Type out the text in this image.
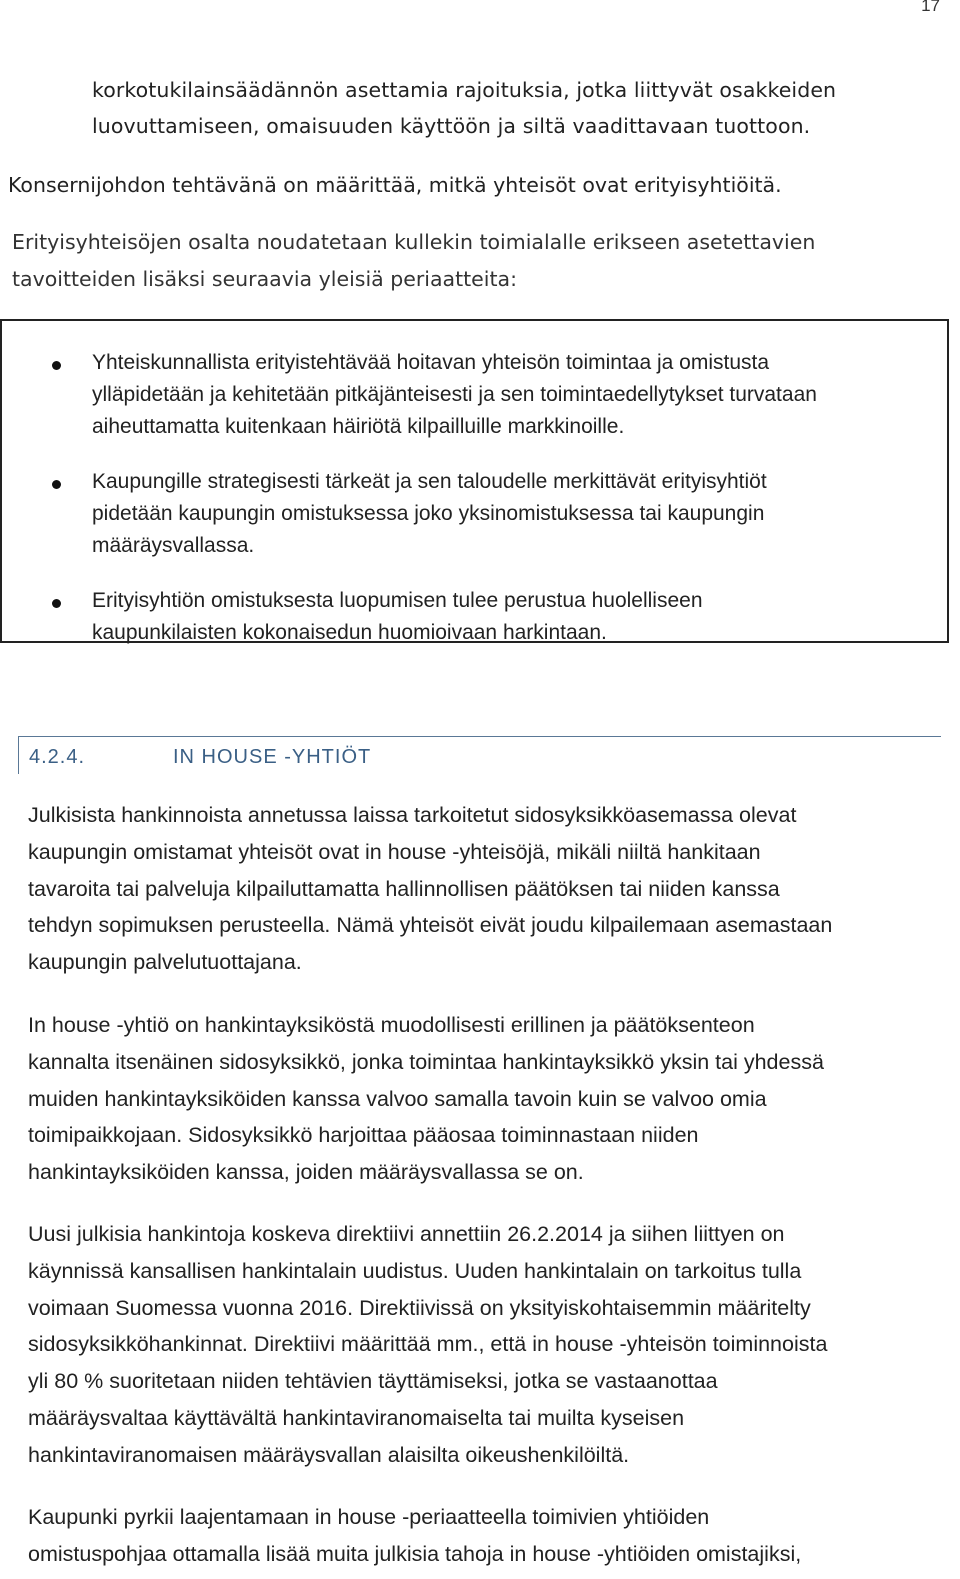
17

korkotukilainsäädännön asettamia rajoituksia, jotka liittyvät osakkeiden

luovuttamiseen, omaisuuden käyttöön ja siltä vaadittavaan tuottoon.

Konsernijohdon tehtävänä on määrittää, mitkä yhteisöt ovat erityisyhtiöitä.

Erityisyhteisöjen osalta noudatetaan kullekin toimialalle erikseen asetettavien
tavoitteiden lisäksi seuraavia yleisiä periaatteita:
Yhteiskunnallista erityistehtävää hoitavan yhteisön toimintaa ja omistusta
ylläpidetään ja kehitetään pitkäjänteisesti ja sen toimintaedellytykset turvataan
aiheuttamatta kuitenkaan häiriötä kilpailluille markkinoille.
Kaupungille strategisesti tärkeät ja sen taloudelle merkittävät erityisyhtiöt
pidetään kaupungin omistuksessa joko yksinomistuksessa tai kaupungin
määräysvallassa.
Erityisyhtiön omistuksesta luopumisen tulee perustua huolelliseen
kaupunkilaisten kokonaisedun huomioivaan harkintaan.
4.2.4.	IN HOUSE -YHTIÖT
Julkisista hankinnoista annetussa laissa tarkoitetut sidosyksikköasemassa olevat
kaupungin omistamat yhteisöt ovat in house -yhteisöjä, mikäli niiltä hankitaan
tavaroita tai palveluja kilpailuttamatta hallinnollisen päätöksen tai niiden kanssa
tehdyn sopimuksen perusteella. Nämä yhteisöt eivät joudu kilpailemaan asemastaan
kaupungin palvelutuottajana.
In house -yhtiö on hankintayksiköstä muodollisesti erillinen ja päätöksenteon
kannalta itsenäinen sidosyksikkö, jonka toimintaa hankintayksikkö yksin tai yhdessä
muiden hankintayksiköiden kanssa valvoo samalla tavoin kuin se valvoo omia
toimipaikkojaan. Sidosyksikkö harjoittaa pääosaa toiminnastaan niiden
hankintayksiköiden kanssa, joiden määräysvallassa se on.
Uusi julkisia hankintoja koskeva direktiivi annettiin 26.2.2014 ja siihen liittyen on
käynnissä kansallisen hankintalain uudistus. Uuden hankintalain on tarkoitus tulla
voimaan Suomessa vuonna 2016. Direktiivissä on yksityiskohtaisemmin määritelty
sidosyksikköhankinnat. Direktiivi määrittää mm., että in house -yhteisön toiminnoista
yli 80 % suoritetaan niiden tehtävien täyttämiseksi, jotka se vastaanottaa
määräysvaltaa käyttävältä hankintaviranomaiselta tai muilta kyseisen
hankintaviranomaisen määräysvallan alaisilta oikeushenkilöiltä.
Kaupunki pyrkii laajentamaan in house -periaatteella toimivien yhtiöiden
omistuspohjaa ottamalla lisää muita julkisia tahoja in house -yhtiöiden omistajiksi,
